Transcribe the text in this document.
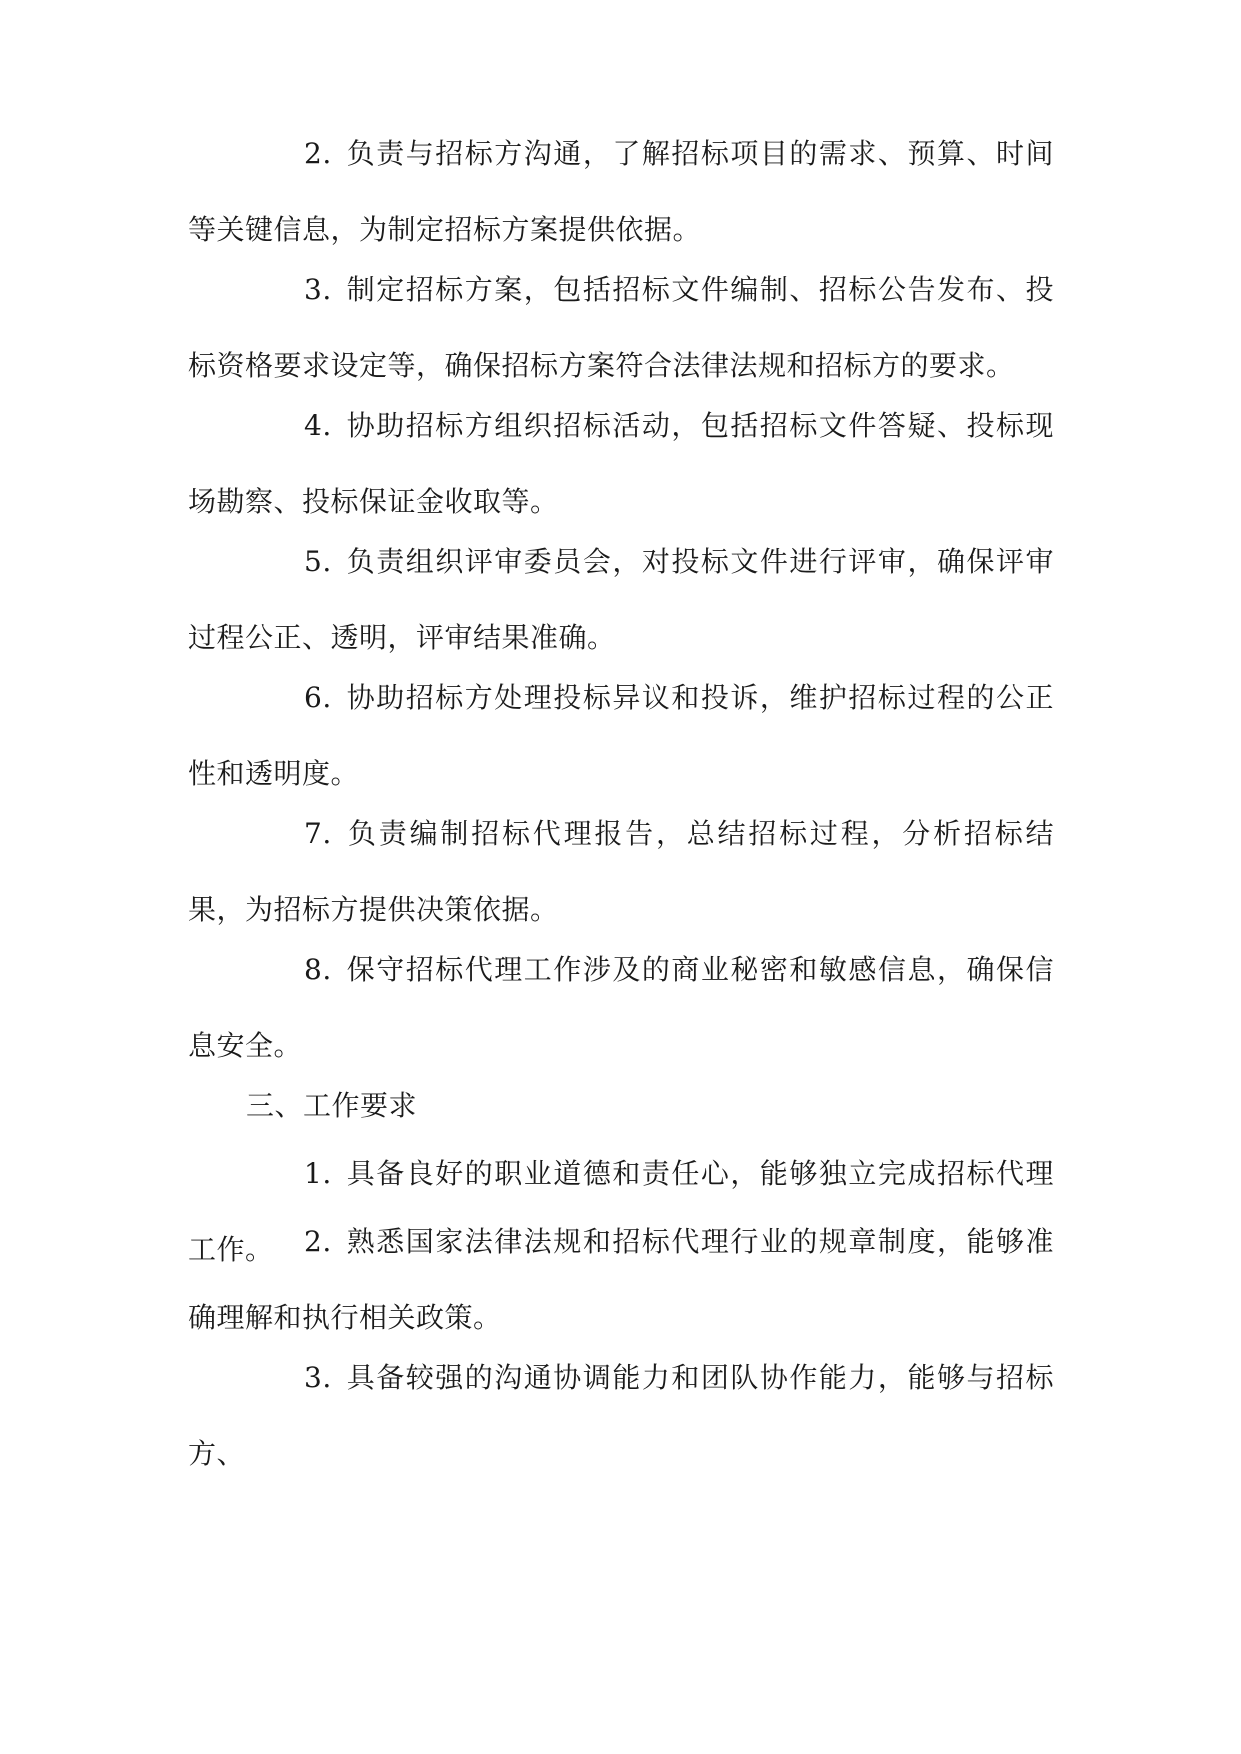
2. 负责与招标方沟通，了解招标项目的需求、预算、时间等关键信息，为制定招标方案提供依据。

3. 制定招标方案，包括招标文件编制、招标公告发布、投标资格要求设定等，确保招标方案符合法律法规和招标方的要求。

4. 协助招标方组织招标活动，包括招标文件答疑、投标现场勘察、投标保证金收取等。

5. 负责组织评审委员会，对投标文件进行评审，确保评审过程公正、透明，评审结果准确。

6. 协助招标方处理投标异议和投诉，维护招标过程的公正性和透明度。

7. 负责编制招标代理报告，总结招标过程，分析招标结果，为招标方提供决策依据。

8. 保守招标代理工作涉及的商业秘密和敏感信息，确保信息安全。

三、工作要求

1. 具备良好的职业道德和责任心，能够独立完成招标代理工作。	2. 熟悉国家法律法规和招标代理行业的规章制度，能够准确理解和执行相关政策。

3. 具备较强的沟通协调能力和团队协作能力，能够与招标方、
